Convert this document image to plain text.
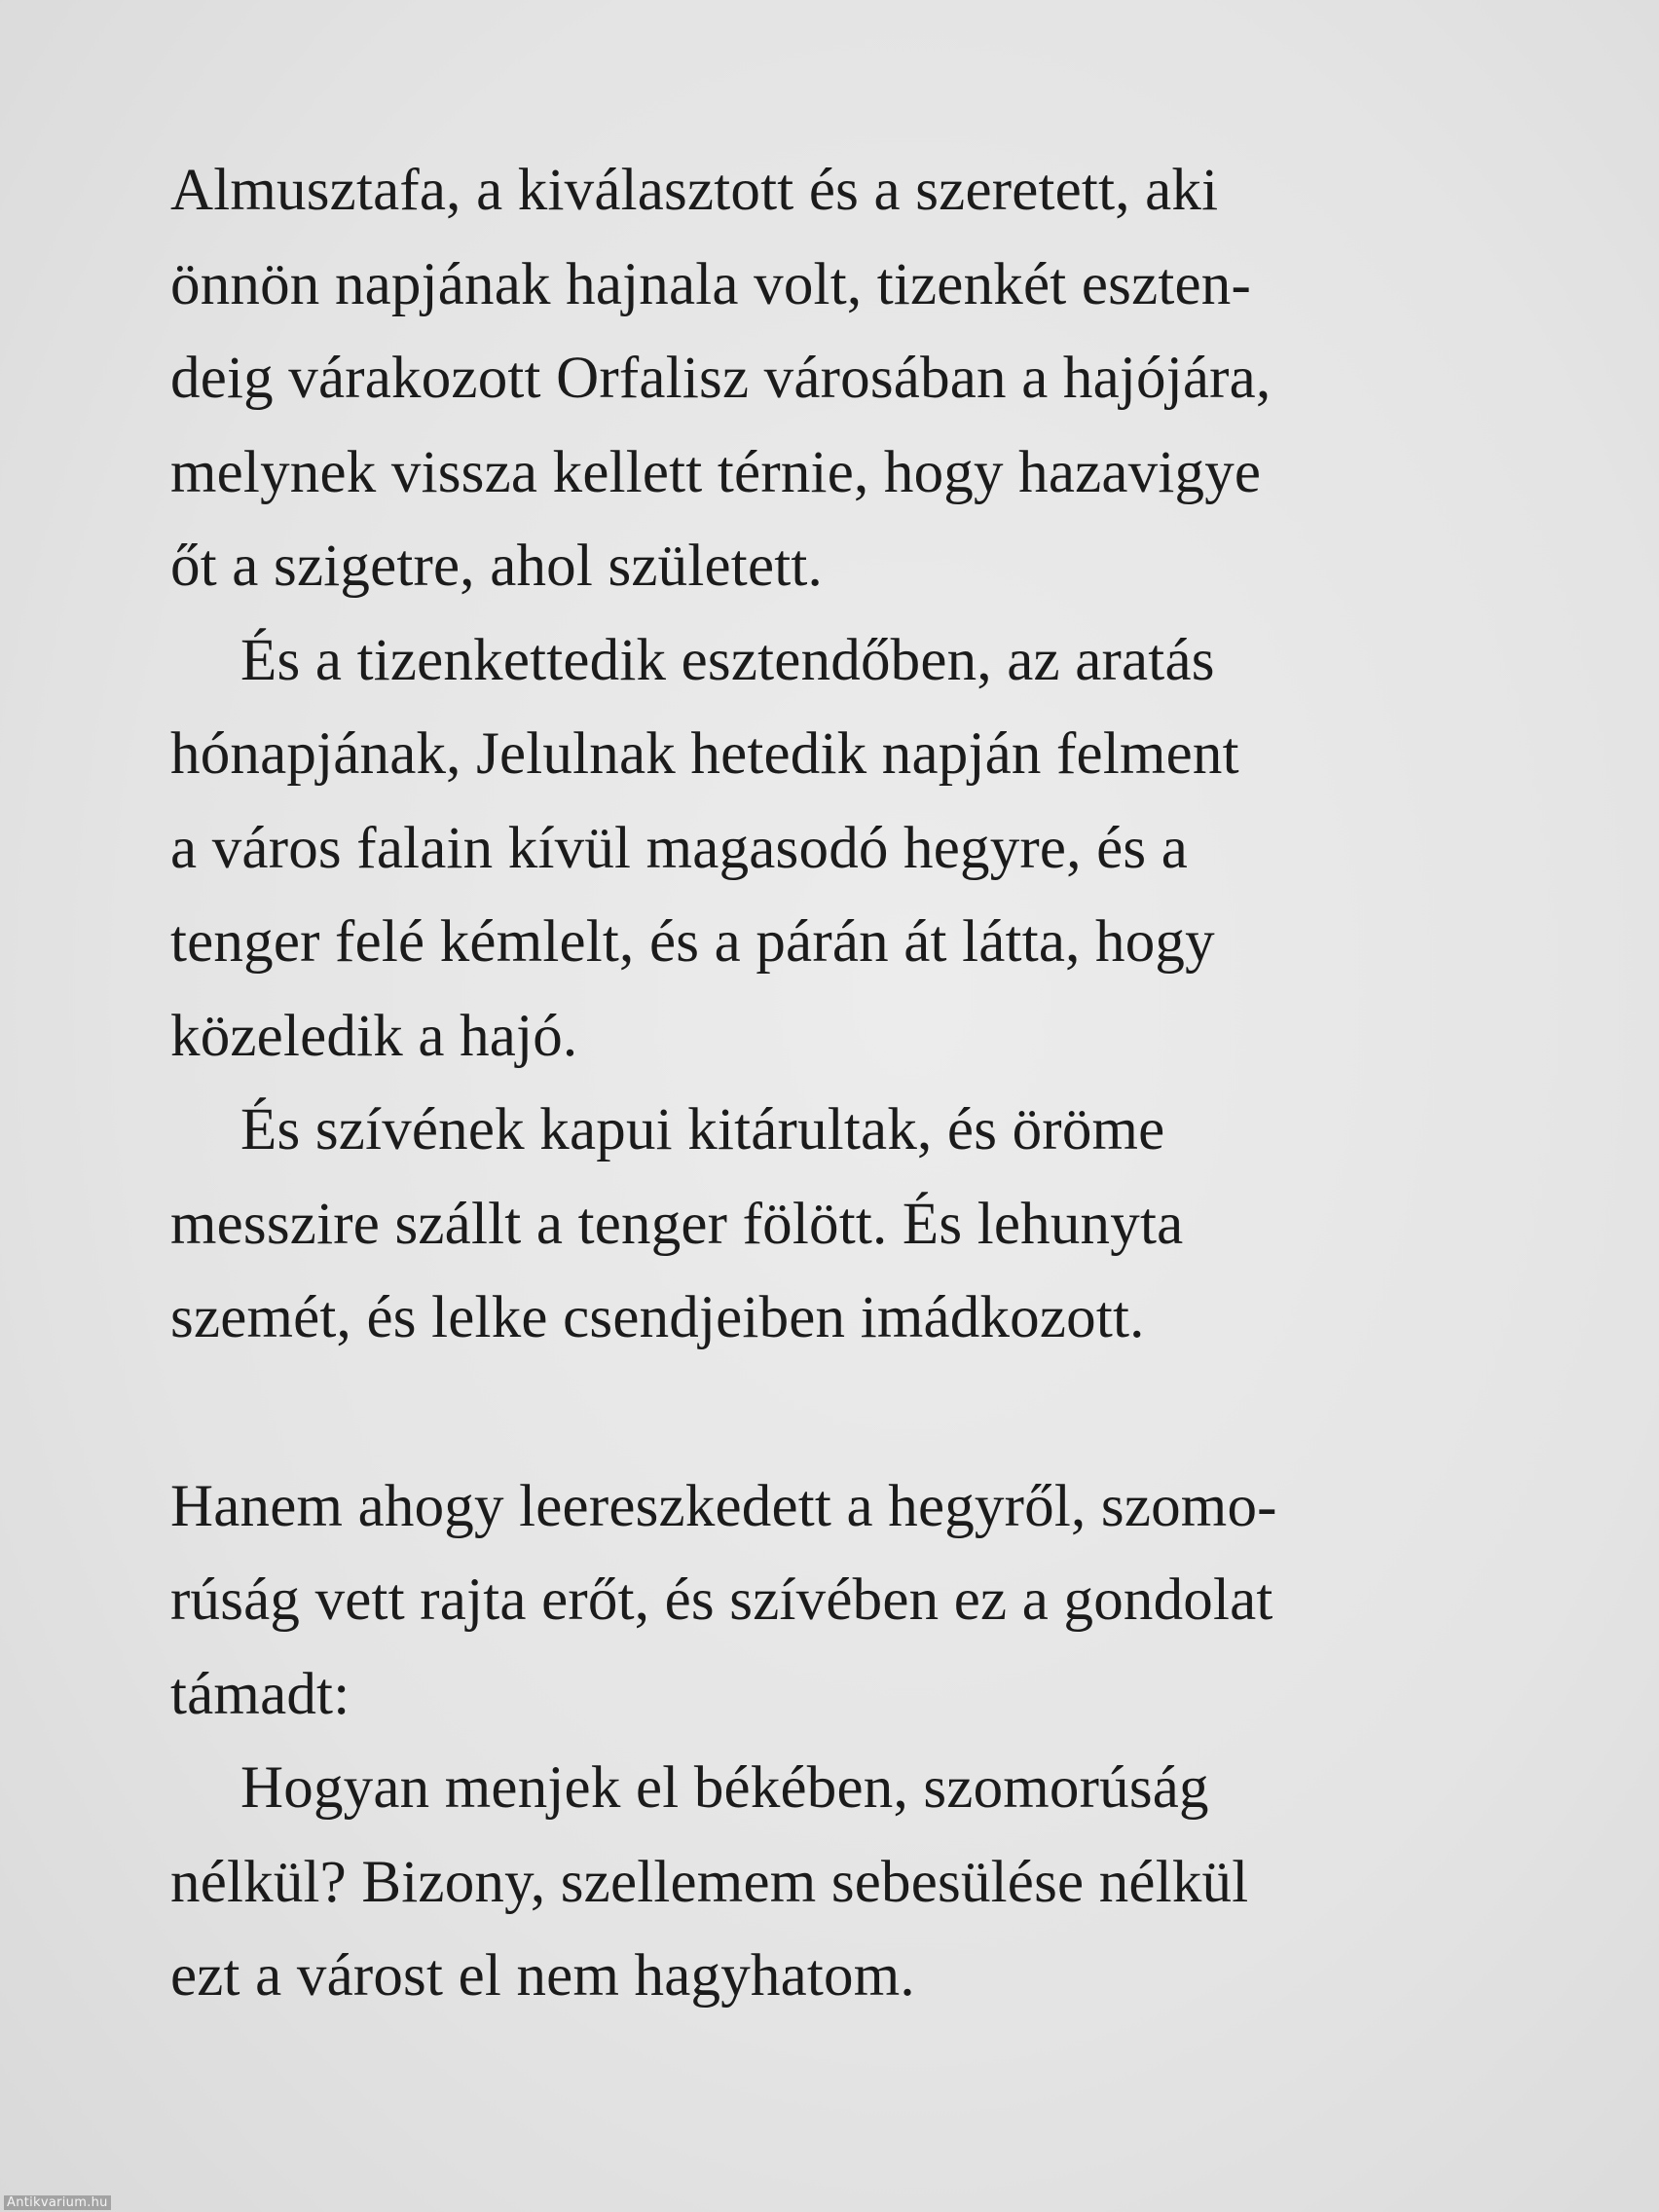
Almusztafa, a kiválasztott és a szeretett, aki
önnön napjának hajnala volt, tizenkét eszten-
deig várakozott Orfalisz városában a hajójára,
melynek vissza kellett térnie, hogy hazavigye
őt a szigetre, ahol született.
És a tizenkettedik esztendőben, az aratás
hónapjának, Jelulnak hetedik napján felment
a város falain kívül magasodó hegyre, és a
tenger felé kémlelt, és a párán át látta, hogy
közeledik a hajó.
És szívének kapui kitárultak, és öröme
messzire szállt a tenger fölött. És lehunyta
szemét, és lelke csendjeiben imádkozott.
Hanem ahogy leereszkedett a hegyről, szomo-
rúság vett rajta erőt, és szívében ez a gondolat
támadt:
Hogyan menjek el békében, szomorúság
nélkül? Bizony, szellemem sebesülése nélkül
ezt a várost el nem hagyhatom.
Antikvarium.hu
